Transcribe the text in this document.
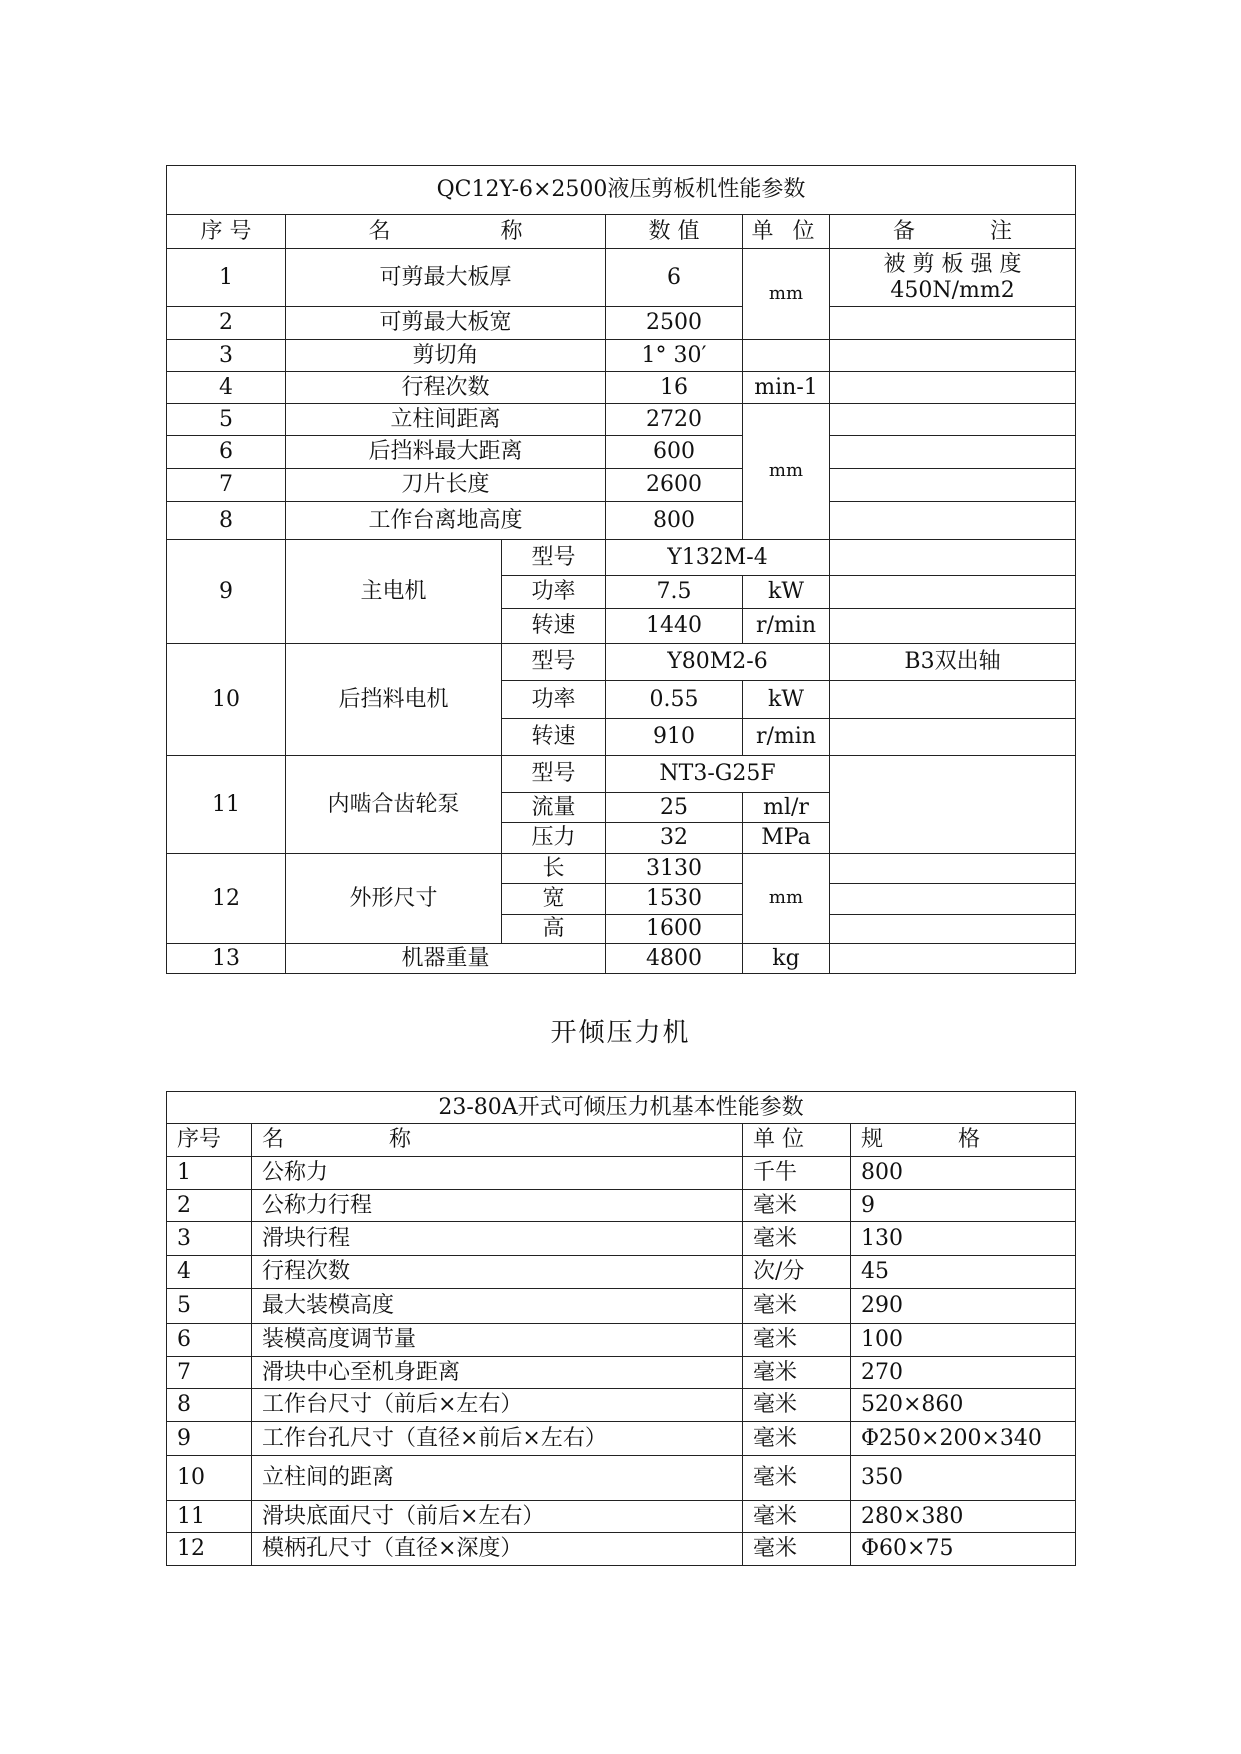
QC12Y-6×2500液压剪板机性能参数					
序 号	名 称		数 值	单 位	备 注
1	可剪最大板厚		6	mm	被 剪 板 强 度
450N/mm2

2	可剪最大板宽		2500		
3	剪切角		1° 30′		
4	行程次数		16	min-1	
5	立柱间距离		2720	mm	
6	后挡料最大距离		600		
7	刀片长度		2600		
8	工作台离地高度		800		
9	主电机	型号	Y132M-4		
		功率	7.5	kW	
		转速	1440	r/min	
10	后挡料电机	型号	Y80M2-6		B3双出轴
		功率	0.55	kW	
		转速	910	r/min	
11	内啮合齿轮泵	型号	NT3-G25F		
		流量	25	ml/r	
		压力	32	MPa	
12	外形尺寸	长	3130	mm	
		宽	1530		
		高	1600		
13	机器重量		4800	kg	
开倾压力机
23-80A开式可倾压力机基本性能参数			
序号	名 称	单 位	规 格
1	公称力	千牛	800
2	公称力行程	毫米	9
3	滑块行程	毫米	130
4	行程次数	次/分	45
5	最大装模高度	毫米	290
6	装模高度调节量	毫米	100
7	滑块中心至机身距离	毫米	270
8	工作台尺寸（前后×左右）	毫米	520×860
9	工作台孔尺寸（直径×前后×左右）	毫米	Φ250×200×340
10	立柱间的距离	毫米	350
11	滑块底面尺寸（前后×左右）	毫米	280×380
12	模柄孔尺寸（直径×深度）	毫米	Φ60×75
